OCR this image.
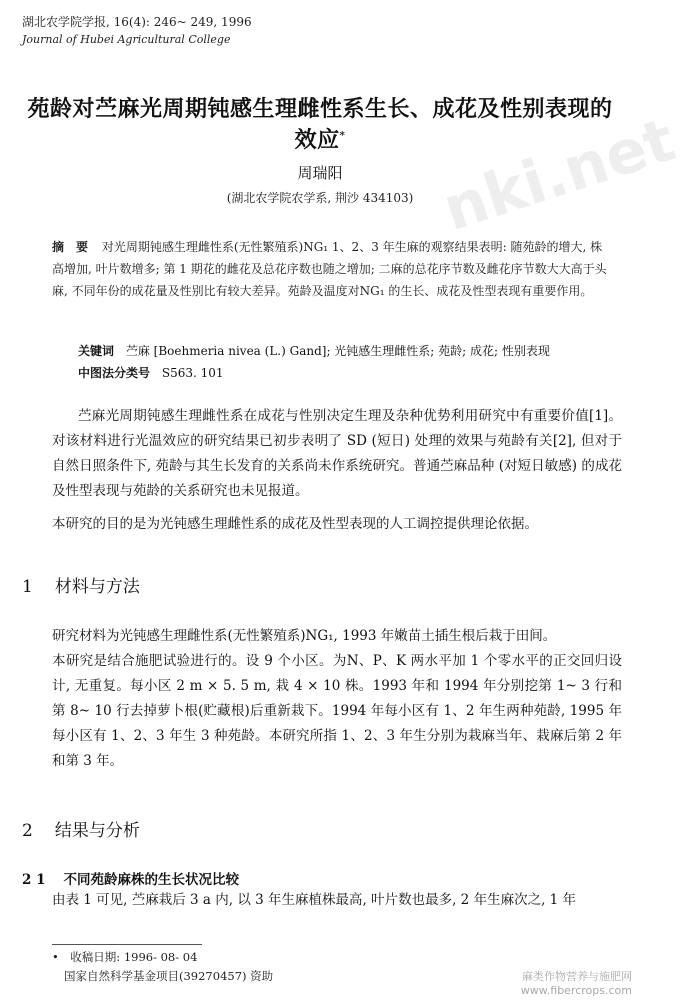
nki.net
湖北农学院学报, 16(4): 246~ 249, 1996
Journal of Hubei Agricultural College
苑龄对苎麻光周期钝感生理雌性系生长、成花及性别表现的效应*
周瑞阳
(湖北农学院农学系, 荆沙 434103)
摘　要 对光周期钝感生理雌性系(无性繁殖系)NG₁ 1、2、3 年生麻的观察结果表明: 随苑龄的增大, 株高增加, 叶片数增多; 第 1 期花的雌花及总花序数也随之增加; 二麻的总花序节数及雌花序节数大大高于头麻, 不同年份的成花量及性别比有较大差异。苑龄及温度对NG₁ 的生长、成花及性型表现有重要作用。
关键词 苎麻 [Boehmeria nivea (L.) Gand]; 光钝感生理雌性系; 苑龄; 成花; 性别表现
中图法分类号 S563. 101
苎麻光周期钝感生理雌性系在成花与性别决定生理及杂种优势利用研究中有重要价值[1]。对该材料进行光温效应的研究结果已初步表明了 SD (短日) 处理的效果与苑龄有关[2], 但对于自然日照条件下, 苑龄与其生长发育的关系尚未作系统研究。普通苎麻品种 (对短日敏感) 的成花及性型表现与苑龄的关系研究也未见报道。
本研究的目的是为光钝感生理雌性系的成花及性型表现的人工调控提供理论依据。
1 材料与方法
研究材料为光钝感生理雌性系(无性繁殖系)NG₁, 1993 年嫩苗土插生根后栽于田间。
本研究是结合施肥试验进行的。设 9 个小区。为N、P、K 两水平加 1 个零水平的正交回归设计, 无重复。每小区 2 m × 5. 5 m, 栽 4 × 10 株。1993 年和 1994 年分别挖第 1~ 3 行和第 8~ 10 行去掉萝卜根(贮藏根)后重新栽下。1994 年每小区有 1、2 年生两种苑龄, 1995 年每小区有 1、2、3 年生 3 种苑龄。本研究所指 1、2、3 年生分别为栽麻当年、栽麻后第 2 年和第 3 年。
2 结果与分析
2 1 不同苑龄麻株的生长状况比较
由表 1 可见, 苎麻栽后 3 a 内, 以 3 年生麻植株最高, 叶片数也最多, 2 年生麻次之, 1 年
•　收稿日期: 1996- 08- 04
国家自然科学基金项目(39270457) 资助	麻类作物营养与施肥网
www.fibercrops.com
